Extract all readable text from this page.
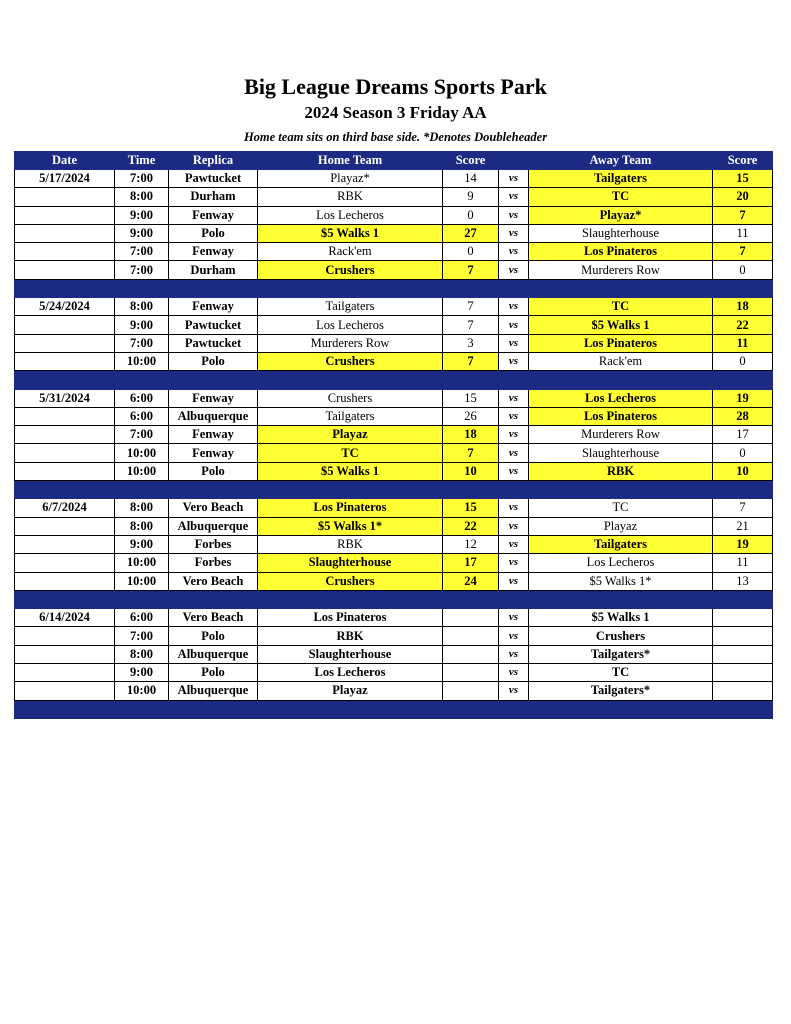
Big League Dreams Sports Park
2024 Season 3 Friday AA
Home team sits on third base side. *Denotes Doubleheader
Date	Time	Replica	Home Team	Score		Away Team	Score
5/17/2024	7:00	Pawtucket	Playaz*	14	vs	Tailgaters	15
	8:00	Durham	RBK	9	vs	TC	20
	9:00	Fenway	Los Lecheros	0	vs	Playaz*	7
	9:00	Polo	$5 Walks 1	27	vs	Slaughterhouse	11
	7:00	Fenway	Rack'em	0	vs	Los Pinateros	7
	7:00	Durham	Crushers	7	vs	Murderers Row	0

5/24/2024	8:00	Fenway	Tailgaters	7	vs	TC	18
	9:00	Pawtucket	Los Lecheros	7	vs	$5 Walks 1	22
	7:00	Pawtucket	Murderers Row	3	vs	Los Pinateros	11
	10:00	Polo	Crushers	7	vs	Rack'em	0

5/31/2024	6:00	Fenway	Crushers	15	vs	Los Lecheros	19
	6:00	Albuquerque	Tailgaters	26	vs	Los Pinateros	28
	7:00	Fenway	Playaz	18	vs	Murderers Row	17
	10:00	Fenway	TC	7	vs	Slaughterhouse	0
	10:00	Polo	$5 Walks 1	10	vs	RBK	10

6/7/2024	8:00	Vero Beach	Los Pinateros	15	vs	TC	7
	8:00	Albuquerque	$5 Walks 1*	22	vs	Playaz	21
	9:00	Forbes	RBK	12	vs	Tailgaters	19
	10:00	Forbes	Slaughterhouse	17	vs	Los Lecheros	11
	10:00	Vero Beach	Crushers	24	vs	$5 Walks 1*	13

6/14/2024	6:00	Vero Beach	Los Pinateros		vs	$5 Walks 1	
	7:00	Polo	RBK		vs	Crushers	
	8:00	Albuquerque	Slaughterhouse		vs	Tailgaters*	
	9:00	Polo	Los Lecheros		vs	TC	
	10:00	Albuquerque	Playaz		vs	Tailgaters*	
